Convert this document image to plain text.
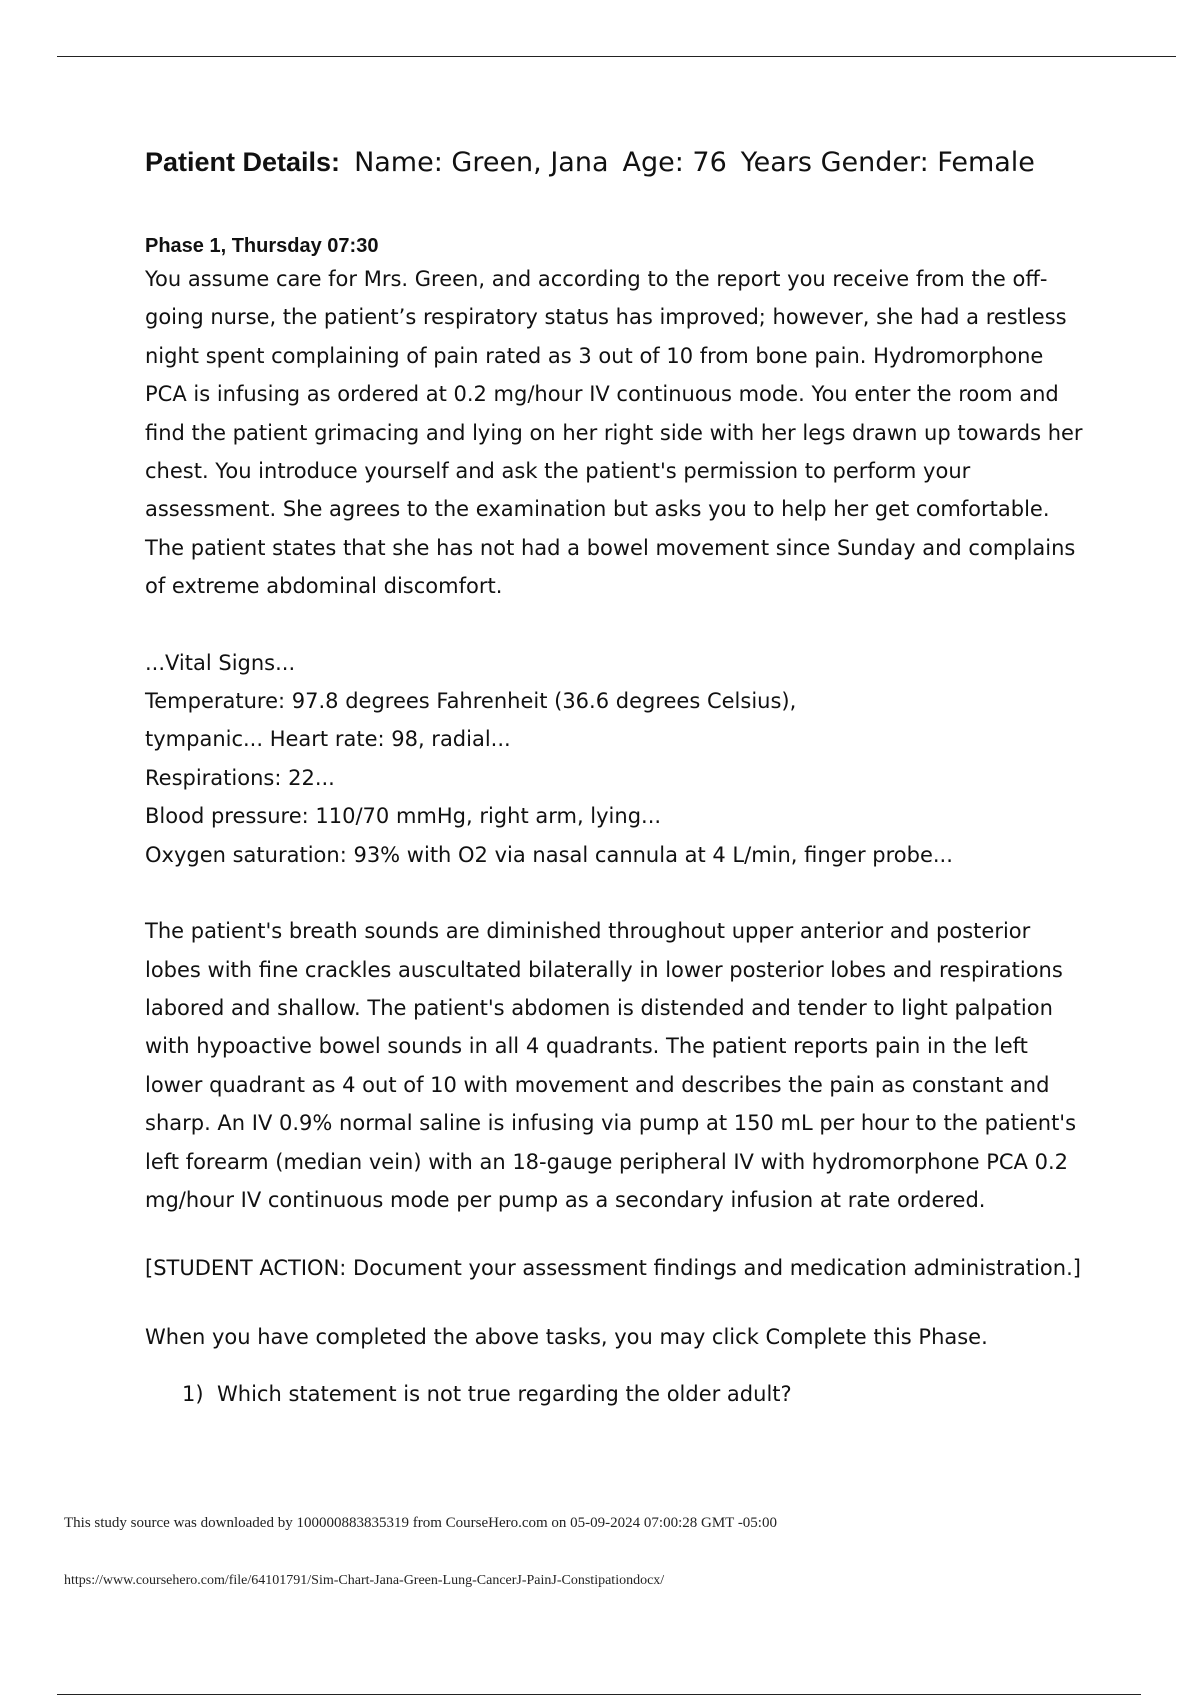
Patient Details: Name: Green, Jana Age: 76 Years Gender: Female
Phase 1, Thursday 07:30

You assume care for Mrs. Green, and according to the report you receive from the off-going nurse, the patient’s respiratory status has improved; however, she had a restless night spent complaining of pain rated as 3 out of 10 from bone pain. Hydromorphone PCA is infusing as ordered at 0.2 mg/hour IV continuous mode. You enter the room and find the patient grimacing and lying on her right side with her legs drawn up towards her chest. You introduce yourself and ask the patient's permission to perform your assessment. She agrees to the examination but asks you to help her get comfortable. The patient states that she has not had a bowel movement since Sunday and complains of extreme abdominal discomfort.

...Vital Signs...

Temperature: 97.8 degrees Fahrenheit (36.6 degrees Celsius),

tympanic... Heart rate: 98, radial...

Respirations: 22...

Blood pressure: 110/70 mmHg, right arm, lying...

Oxygen saturation: 93% with O2 via nasal cannula at 4 L/min, finger probe...

The patient's breath sounds are diminished throughout upper anterior and posterior lobes with fine crackles auscultated bilaterally in lower posterior lobes and respirations labored and shallow. The patient's abdomen is distended and tender to light palpation with hypoactive bowel sounds in all 4 quadrants. The patient reports pain in the left lower quadrant as 4 out of 10 with movement and describes the pain as constant and sharp. An IV 0.9% normal saline is infusing via pump at 150 mL per hour to the patient's left forearm (median vein) with an 18-gauge peripheral IV with hydromorphone PCA 0.2 mg/hour IV continuous mode per pump as a secondary infusion at rate ordered.

[STUDENT ACTION: Document your assessment findings and medication administration.]

When you have completed the above tasks, you may click Complete this Phase.

1) Which statement is not true regarding the older adult?

This study source was downloaded by 100000883835319 from CourseHero.com on 05-09-2024 07:00:28 GMT -05:00
https://www.coursehero.com/file/64101791/Sim-Chart-Jana-Green-Lung-CancerJ-PainJ-Constipationdocx/
